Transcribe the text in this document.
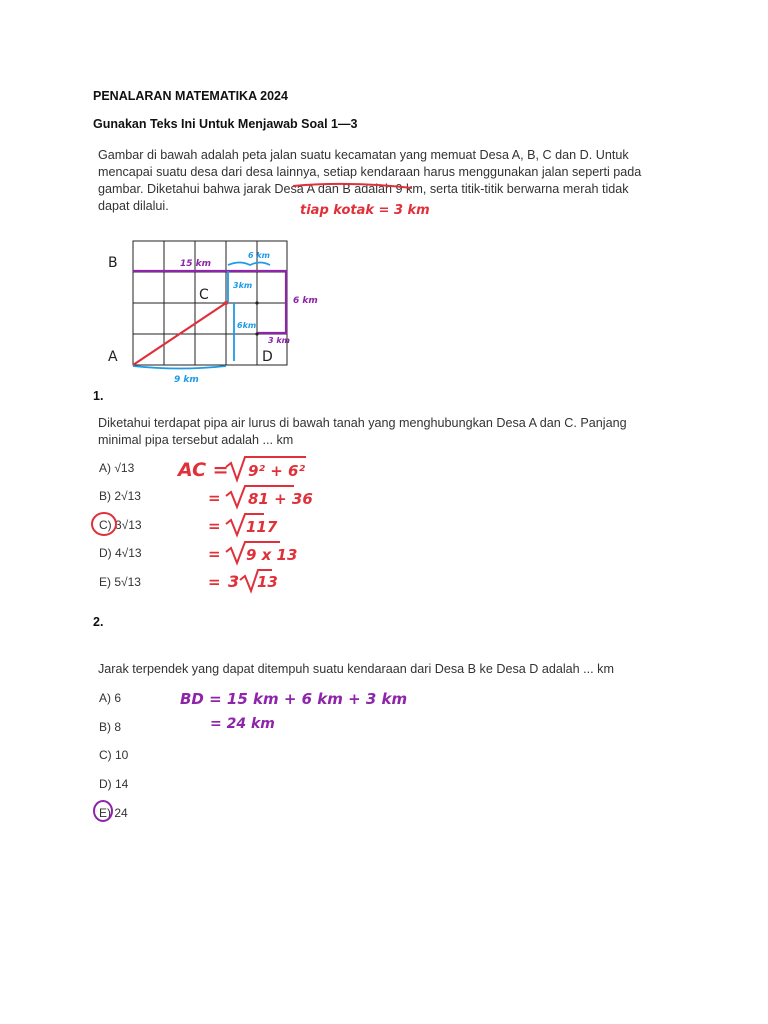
PENALARAN MATEMATIKA 2024
Gunakan Teks Ini Untuk Menjawab Soal 1—3
Gambar di bawah adalah peta jalan suatu kecamatan yang memuat Desa A, B, C dan D. Untuk
mencapai suatu desa dari desa lainnya, setiap kendaraan harus menggunakan jalan seperti pada
gambar. Diketahui bahwa jarak Desa A dan B adalah 9 km, serta titik-titik berwarna merah tidak
dapat dilalui.	tiap kotak = 3 km
B
C
A	D
15 km
6 km
3km
6 km
6km
3 km
9 km
1.
Diketahui terdapat pipa air lurus di bawah tanah yang menghubungkan Desa A dan C. Panjang
minimal pipa tersebut adalah ... km
A) √13
B) 2√13
C) 3√13
D) 4√13
E) 5√13
AC = 9² + 6²
= 81 + 36
= 117
= 9 x 13
= 3 13
2.
Jarak terpendek yang dapat ditempuh suatu kendaraan dari Desa B ke Desa D adalah ... km
A) 6
B) 8
C) 10
D) 14
E) 24
BD = 15 km + 6 km + 3 km
= 24 km
